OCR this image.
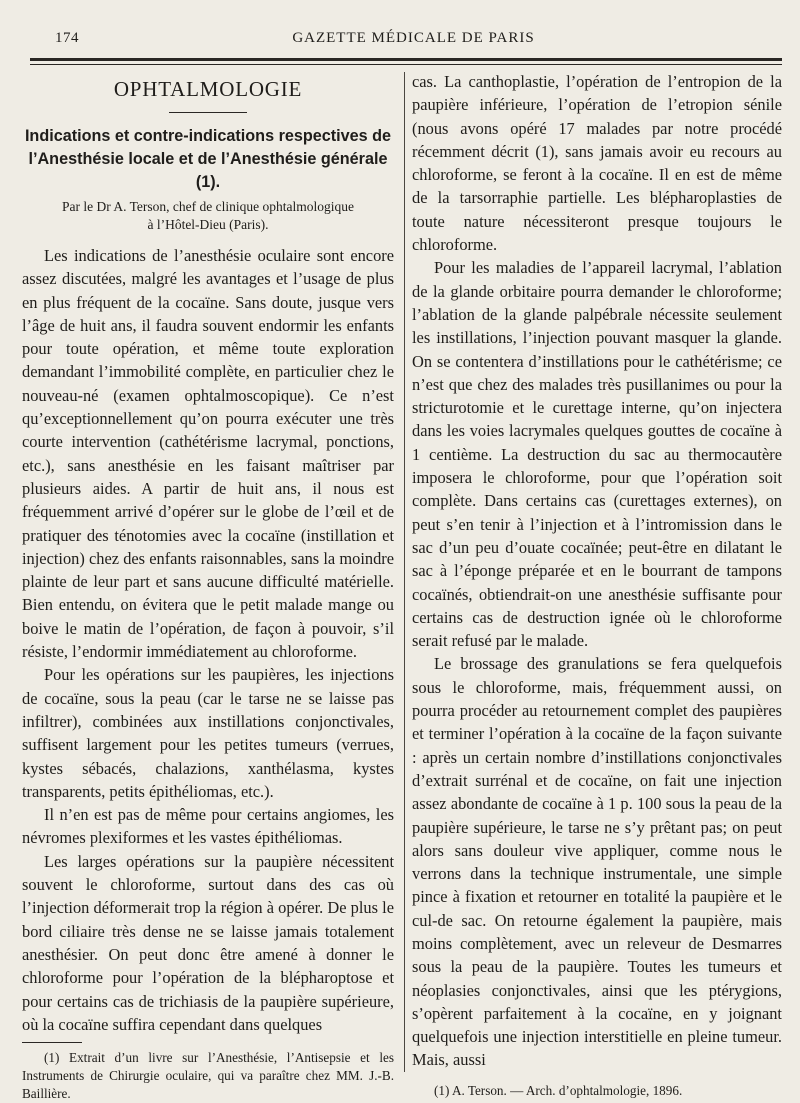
174	GAZETTE MÉDICALE DE PARIS
OPHTALMOLOGIE
Indications et contre-indications respectives de l’Anesthésie locale et de l’Anesthésie générale (1).
Par le Dr A. Terson, chef de clinique ophtalmologique
à l’Hôtel-Dieu (Paris).

Les indications de l’anesthésie oculaire sont encore assez discutées, malgré les avantages et l’usage de plus en plus fréquent de la cocaïne. Sans doute, jusque vers l’âge de huit ans, il faudra souvent endormir les enfants pour toute opération, et même toute exploration demandant l’immobilité complète, en particulier chez le nouveau-né (examen ophtalmoscopique). Ce n’est qu’exceptionnellement qu’on pourra exécuter une très courte intervention (cathétérisme lacrymal, ponctions, etc.), sans anesthésie en les faisant maîtriser par plusieurs aides. A partir de huit ans, il nous est fréquemment arrivé d’opérer sur le globe de l’œil et de pratiquer des ténotomies avec la cocaïne (instillation et injection) chez des enfants raisonnables, sans la moindre plainte de leur part et sans aucune difficulté matérielle. Bien entendu, on évitera que le petit malade mange ou boive le matin de l’opération, de façon à pouvoir, s’il résiste, l’endormir immédiatement au chloroforme.

Pour les opérations sur les paupières, les injections de cocaïne, sous la peau (car le tarse ne se laisse pas infiltrer), combinées aux instillations conjonctivales, suffisent largement pour les petites tumeurs (verrues, kystes sébacés, chalazions, xanthélasma, kystes transparents, petits épithéliomas, etc.).

Il n’en est pas de même pour certains angiomes, les névromes plexiformes et les vastes épithéliomas.

Les larges opérations sur la paupière nécessitent souvent le chloroforme, surtout dans des cas où l’injection déformerait trop la région à opérer. De plus le bord ciliaire très dense ne se laisse jamais totalement anesthésier. On peut donc être amené à donner le chloroforme pour l’opération de la blépharoptose et pour certains cas de trichiasis de la paupière supérieure, où la cocaïne suffira cependant dans quelques

(1) Extrait d’un livre sur l’Anesthésie, l’Antisepsie et les Instruments de Chirurgie oculaire, qui va paraître chez MM. J.-B. Baillière.

cas. La canthoplastie, l’opération de l’entropion de la paupière inférieure, l’opération de l’etropion sénile (nous avons opéré 17 malades par notre procédé récemment décrit (1), sans jamais avoir eu recours au chloroforme, se feront à la cocaïne. Il en est de même de la tarsorraphie partielle. Les blépharoplasties de toute nature nécessiteront presque toujours le chloroforme.

Pour les maladies de l’appareil lacrymal, l’ablation de la glande orbitaire pourra demander le chloroforme; l’ablation de la glande palpébrale nécessite seulement les instillations, l’injection pouvant masquer la glande. On se contentera d’instillations pour le cathétérisme; ce n’est que chez des malades très pusillanimes ou pour la stricturotomie et le curettage interne, qu’on injectera dans les voies lacrymales quelques gouttes de cocaïne à 1 centième. La destruction du sac au thermocautère imposera le chloroforme, pour que l’opération soit complète. Dans certains cas (curettages externes), on peut s’en tenir à l’injection et à l’intromission dans le sac d’un peu d’ouate cocaïnée; peut-être en dilatant le sac à l’éponge préparée et en le bourrant de tampons cocaïnés, obtiendrait-on une anesthésie suffisante pour certains cas de destruction ignée où le chloroforme serait refusé par le malade.

Le brossage des granulations se fera quelquefois sous le chloroforme, mais, fréquemment aussi, on pourra procéder au retournement complet des paupières et terminer l’opération à la cocaïne de la façon suivante : après un certain nombre d’instillations conjonctivales d’extrait surrénal et de cocaïne, on fait une injection assez abondante de cocaïne à 1 p. 100 sous la peau de la paupière supérieure, le tarse ne s’y prêtant pas; on peut alors sans douleur vive appliquer, comme nous le verrons dans la technique instrumentale, une simple pince à fixation et retourner en totalité la paupière et le cul-de sac. On retourne également la paupière, mais moins complètement, avec un releveur de Desmarres sous la peau de la paupière. Toutes les tumeurs et néoplasies conjonctivales, ainsi que les ptérygions, s’opèrent parfaitement à la cocaïne, en y joignant quelquefois une injection interstitielle en pleine tumeur. Mais, aussi

(1) A. Terson. — Arch. d’ophtalmologie, 1896.
